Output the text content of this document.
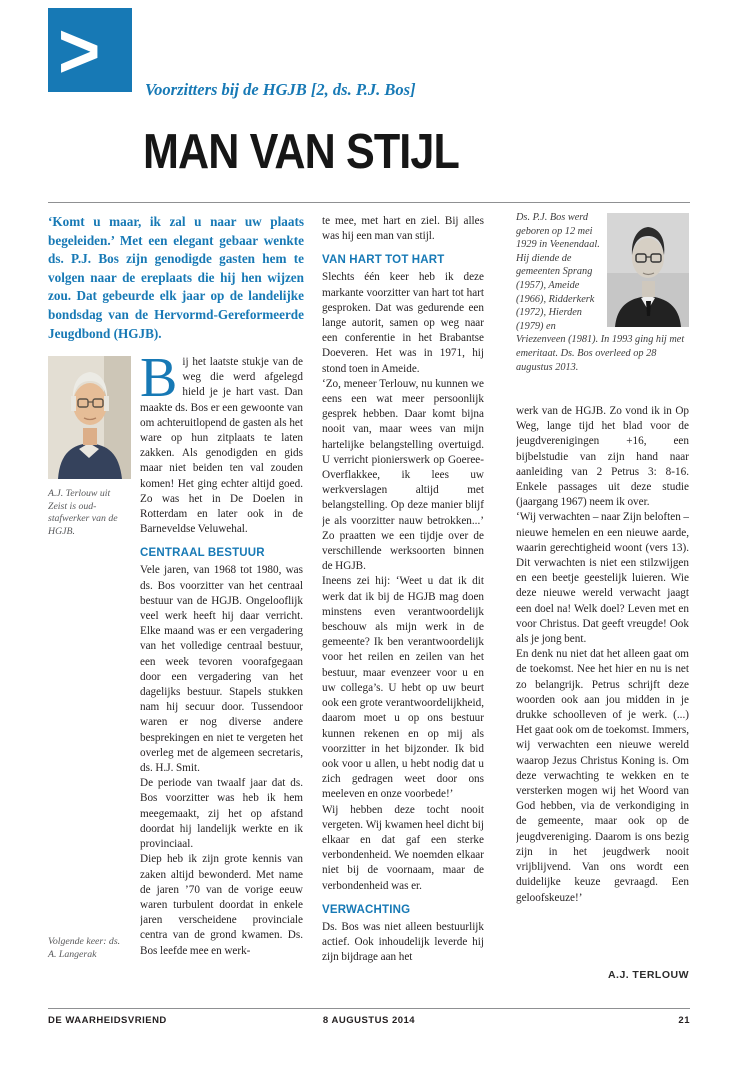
>	Voorzitters bij de HGJB [2, ds. P.J. Bos]
MAN VAN STIJL

‘Komt u maar, ik zal u naar uw plaats begeleiden.’ Met een elegant gebaar wenkte ds. P.J. Bos zijn genodigde gasten hem te volgen naar de ereplaats die hij hen wijzen zou. Dat gebeurde elk jaar op de landelijke bondsdag van de Hervormd-Gereformeerde Jeugdbond (HGJB).

A.J. Terlouw uit Zeist is oud-stafwerker van de HGJB.
Volgende keer: ds. A. Langerak

Bij het laatste stukje van de weg die werd afgelegd hield je je hart vast. Dan maakte ds. Bos er een gewoonte van om achteruitlopend de gasten als het ware op hun zitplaats te laten zakken. Als genodigden en gids maar niet beiden ten val zouden komen! Het ging echter altijd goed. Zo was het in De Doelen in Rotterdam en later ook in de Barneveldse Veluwehal.

CENTRAAL BESTUUR

Vele jaren, van 1968 tot 1980, was ds. Bos voorzitter van het centraal bestuur van de HGJB. Ongelooflijk veel werk heeft hij daar verricht. Elke maand was er een vergadering van het volledige centraal bestuur, een week tevoren voorafgegaan door een vergadering van het dagelijks bestuur. Stapels stukken nam hij secuur door. Tussendoor waren er nog diverse andere besprekingen en niet te vergeten het overleg met de algemeen secretaris, ds. H.J. Smit.

De periode van twaalf jaar dat ds. Bos voorzitter was heb ik hem meegemaakt, zij het op afstand doordat hij landelijk werkte en ik provinciaal.

Diep heb ik zijn grote kennis van zaken altijd bewonderd. Met name de jaren ’70 van de vorige eeuw waren turbulent doordat in enkele jaren verscheidene provinciale centra van de grond kwamen. Ds. Bos leefde mee en werk-

te mee, met hart en ziel. Bij alles was hij een man van stijl.

VAN HART TOT HART

Slechts één keer heb ik deze markante voorzitter van hart tot hart gesproken. Dat was gedurende een lange autorit, samen op weg naar een conferentie in het Brabantse Doeveren. Het was in 1971, hij stond toen in Ameide.

‘Zo, meneer Terlouw, nu kunnen we eens een wat meer persoonlijk gesprek hebben. Daar komt bijna nooit van, maar wees van mijn hartelijke belangstelling overtuigd. U verricht pionierswerk op Goeree-Overflakkee, ik lees uw werkverslagen altijd met belangstelling. Op deze manier blijf je als voorzitter nauw betrokken...’ Zo praatten we een tijdje over de verschillende werksoorten binnen de HGJB.

Ineens zei hij: ‘Weet u dat ik dit werk dat ik bij de HGJB mag doen minstens even verantwoordelijk beschouw als mijn werk in de gemeente? Ik ben verantwoordelijk voor het reilen en zeilen van het bestuur, maar evenzeer voor u en uw collega’s. U hebt op uw beurt ook een grote verantwoordelijkheid, daarom moet u op ons bestuur kunnen rekenen en op mij als voorzitter in het bijzonder. Ik bid ook voor u allen, u hebt nodig dat u zich gedragen weet door ons meeleven en onze voorbede!’

Wij hebben deze tocht nooit vergeten. Wij kwamen heel dicht bij elkaar en dat gaf een sterke verbondenheid. We noemden elkaar niet bij de voornaam, maar de verbondenheid was er.

VERWACHTING

Ds. Bos was niet alleen bestuurlijk actief. Ook inhoudelijk leverde hij zijn bijdrage aan het

Ds. P.J. Bos werd geboren op 12 mei 1929 in Veenendaal. Hij diende de gemeenten Sprang (1957), Ameide (1966), Ridderkerk (1972), Hierden (1979) en Vriezenveen (1981). In 1993 ging hij met emeritaat. Ds. Bos overleed op 28 augustus 2013.

werk van de HGJB. Zo vond ik in Op Weg, lange tijd het blad voor de jeugdverenigingen +16, een bijbelstudie van zijn hand naar aanleiding van 2 Petrus 3: 8-16. Enkele passages uit deze studie (jaargang 1967) neem ik over.

‘Wij verwachten – naar Zijn beloften – nieuwe hemelen en een nieuwe aarde, waarin gerechtigheid woont (vers 13). Dit verwachten is niet een stilzwijgen en een beetje geestelijk luieren. Wie deze nieuwe wereld verwacht jaagt een doel na! Welk doel? Leven met en voor Christus. Dat geeft vreugde! Ook als je jong bent.

En denk nu niet dat het alleen gaat om de toekomst. Nee het hier en nu is net zo belangrijk. Petrus schrijft deze woorden ook aan jou midden in je drukke schoolleven of je werk. (...) Het gaat ook om de toekomst. Immers, wij verwachten een nieuwe wereld waarop Jezus Christus Koning is. Om deze verwachting te wekken en te versterken mogen wij het Woord van God hebben, via de verkondiging in de gemeente, maar ook op de jeugdvereniging. Daarom is ons bezig zijn in het jeugdwerk nooit vrijblijvend. Van ons wordt een duidelijke keuze gevraagd. Een geloofskeuze!’

A.J. TERLOUW

DE WAARHEIDSVRIEND	8 AUGUSTUS 2014	21
